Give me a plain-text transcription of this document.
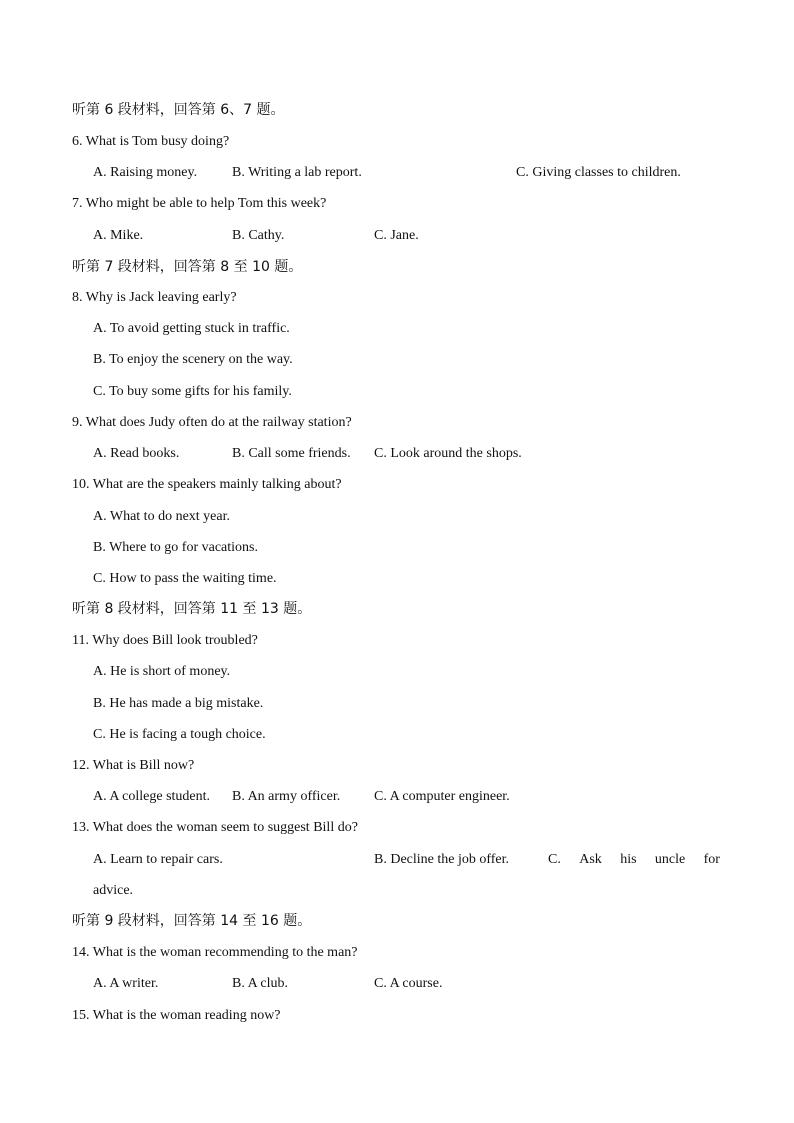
听第 6 段材料，回答第 6、7 题。
6. What is Tom busy doing?
A. Raising money. B. Writing a lab report.	C. Giving classes to children.
7. Who might be able to help Tom this week?
A. Mike.	B. Cathy.	C. Jane.
听第 7 段材料，回答第 8 至 10 题。
8. Why is Jack leaving early?
A. To avoid getting stuck in traffic.
B. To enjoy the scenery on the way.
C. To buy some gifts for his family.
9. What does Judy often do at the railway station?
A. Read books.	B. Call some friends. C. Look around the shops.
10. What are the speakers mainly talking about?
A. What to do next year.
B. Where to go for vacations.
C. How to pass the waiting time.
听第 8 段材料，回答第 11 至 13 题。
11. Why does Bill look troubled?
A. He is short of money.
B. He has made a big mistake.
C. He is facing a tough choice.
12. What is Bill now?
A. A college student. B. An army officer. C. A computer engineer.
13. What does the woman seem to suggest Bill do?
A. Learn to repair cars.	B. Decline the job offer.	C. Ask his uncle for
advice.
听第 9 段材料，回答第 14 至 16 题。
14. What is the woman recommending to the man?
A. A writer.	B. A club.	C. A course.
15. What is the woman reading now?
